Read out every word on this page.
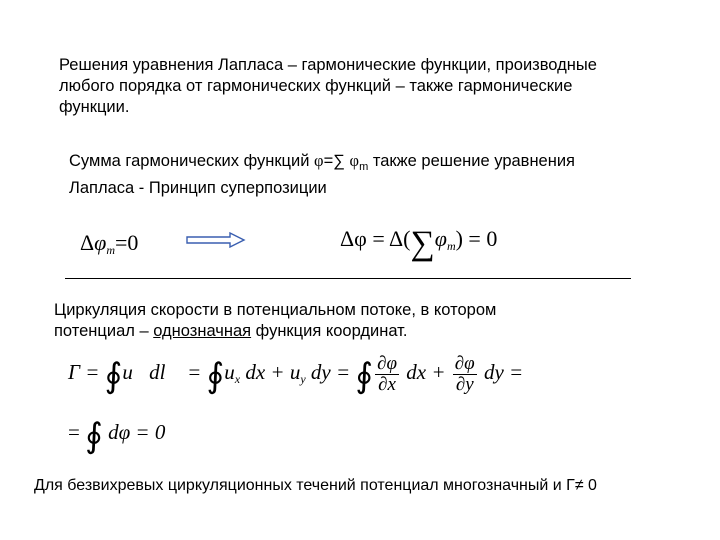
Решения уравнения Лапласа – гармонические функции, производные
любого порядка от гармонических функций – также гармонические
функции.
Сумма гармонических функций φ=∑ $\varphi_m$ также решение уравнения
Лапласа - Принцип суперпозиции
$\Delta\varphi_m=0$	$\Delta\varphi = \Delta(\sum\varphi_m) = 0$
Циркуляция скорости в потенциальном потоке, в котором
потенциал – однозначная функция координат.
Γ = ∮u⃗dl⃗ = $∮u_x$ dx + $u_y$ dy = ∮ $\frac{\partial\varphi}{\partial x}$ dx + $\frac{\partial\varphi}{\partial y}$ dy =
= ∮ dφ = 0
Для безвихревых циркуляционных течений потенциал многозначный и Г≠ 0
